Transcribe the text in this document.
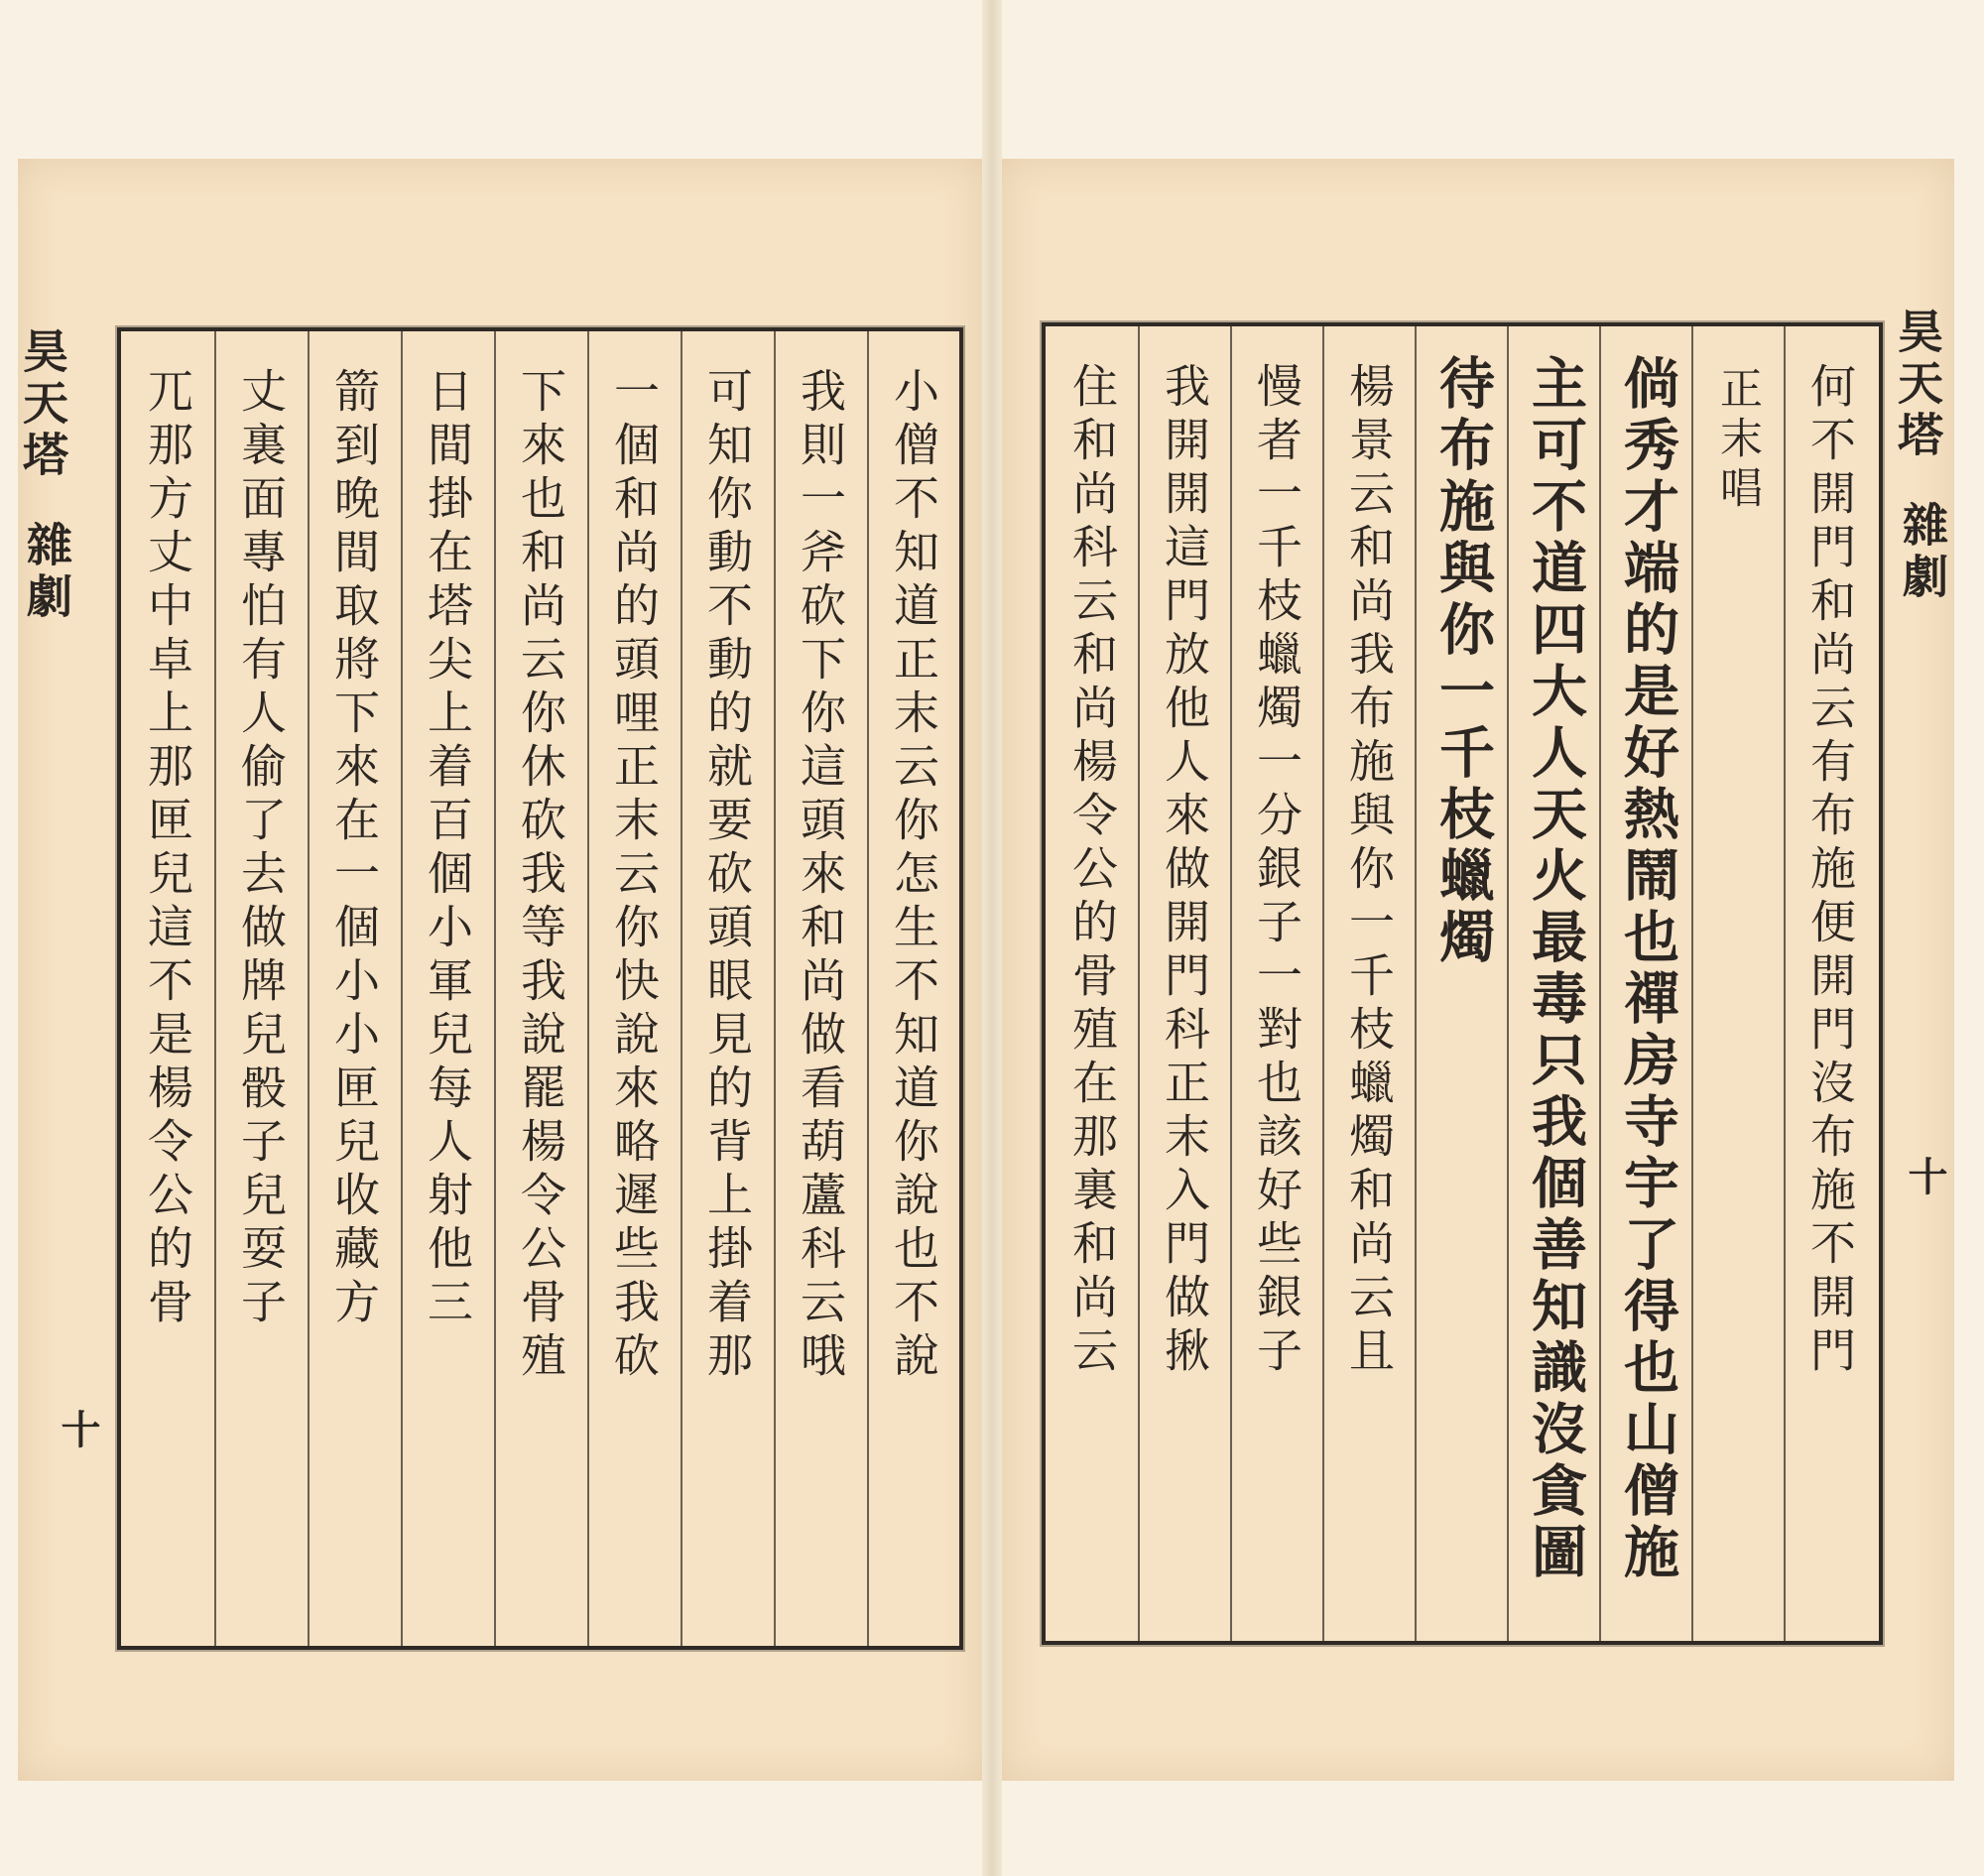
昊天塔
雜劇
十
小僧不知道正末云你怎生不知道你說也不說
我則一斧砍下你這頭來和尚做看葫蘆科云哦
可知你動不動的就要砍頭眼見的背上掛着那
一個和尚的頭哩正末云你快說來略遲些我砍
下來也和尚云你休砍我等我說罷楊令公骨殖
日間掛在塔尖上着百個小軍兒每人射他三
箭到晚間取將下來在一個小小匣兒收藏方
丈裏面專怕有人偷了去做牌兒骰子兒耍子
兀那方丈中卓上那匣兒這不是楊令公的骨	昊天塔
雜劇
十
何不開門和尚云有布施便開門沒布施不開門
正末唱
倘秀才端的是好熱鬧也禪房寺宇了得也山僧施
主可不道四大人天火最毒只我個善知識沒貪圖
待布施與你一千枝蠟燭
楊景云和尚我布施與你一千枝蠟燭和尚云且
慢者一千枝蠟燭一分銀子一對也該好些銀子
我開開這門放他人來做開門科正末入門做揪
住和尚科云和尚楊令公的骨殖在那裏和尚云
